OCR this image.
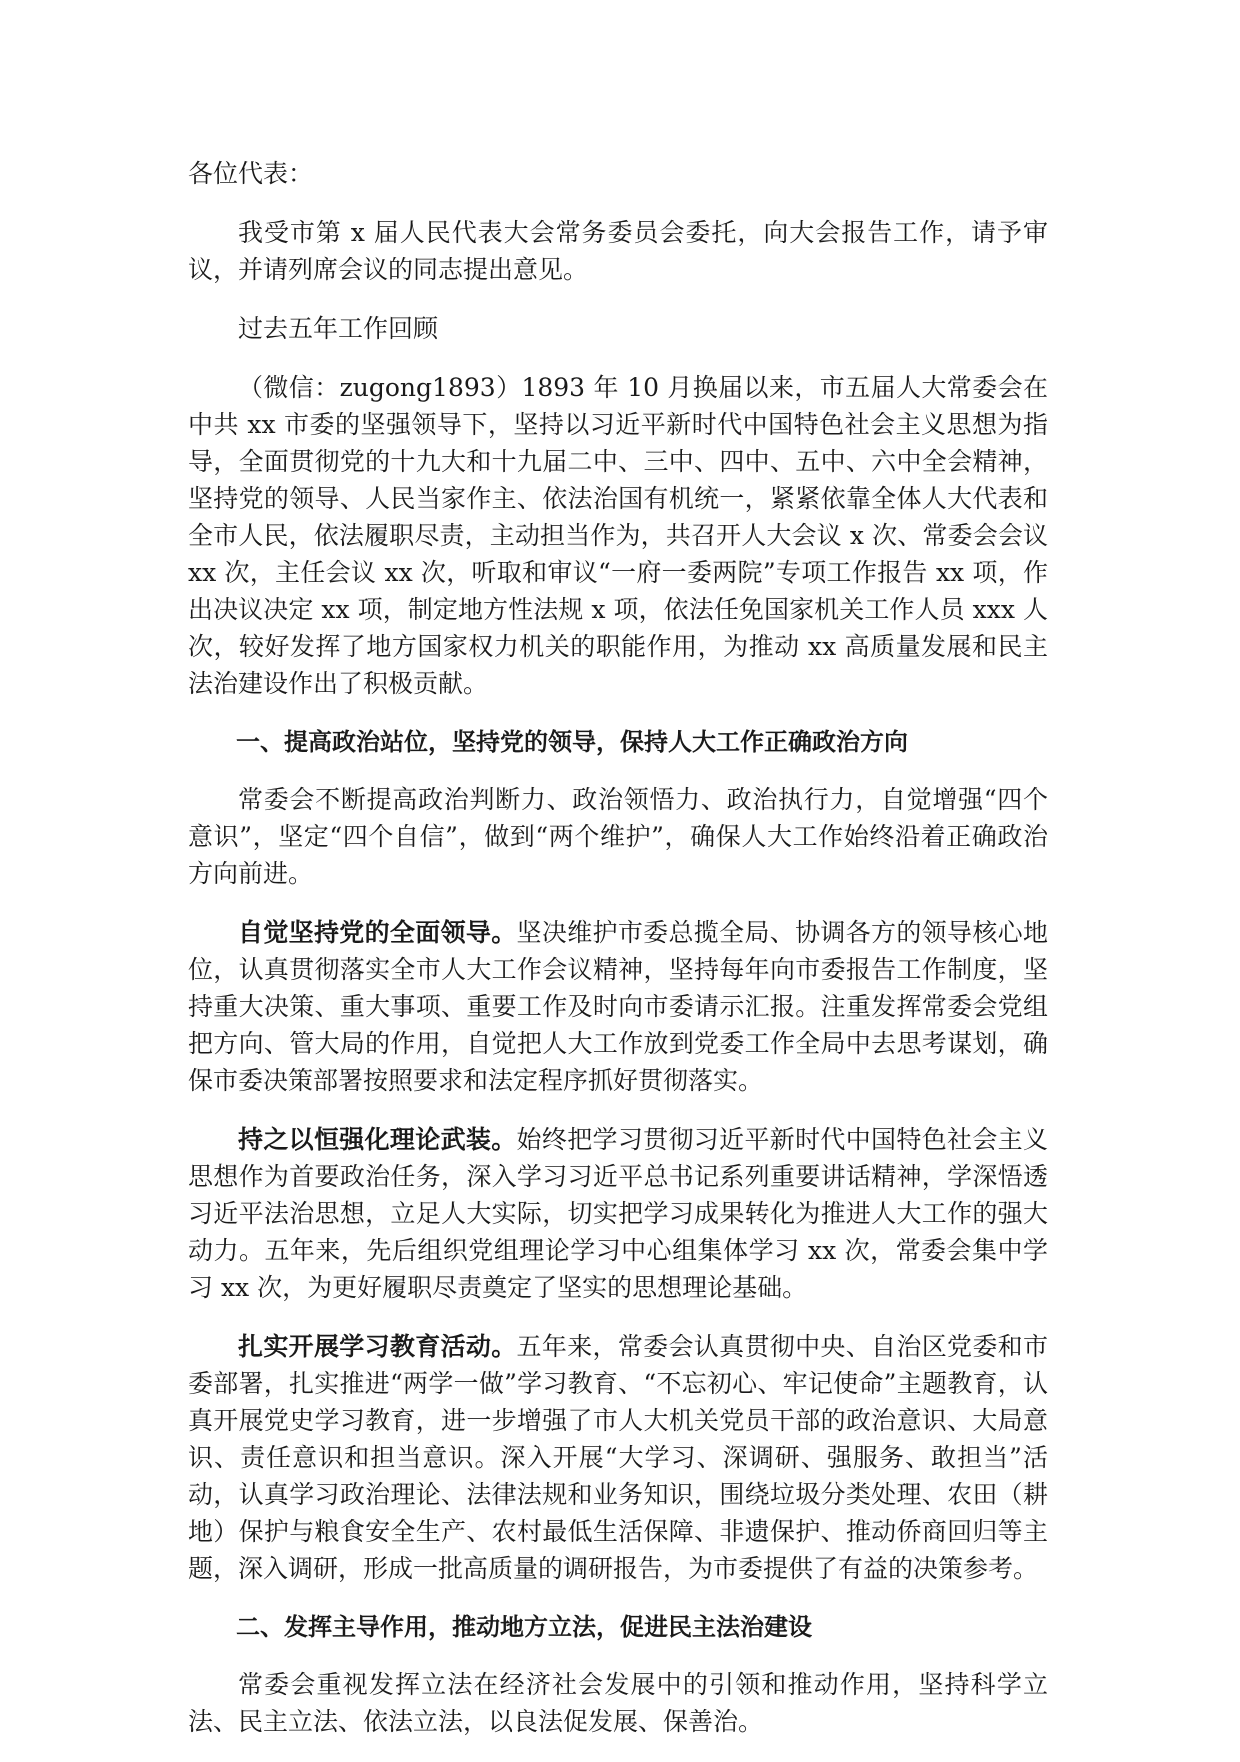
各位代表：

我受市第 x 届人民代表大会常务委员会委托，向大会报告工作，请予审议，并请列席会议的同志提出意见。

过去五年工作回顾

（微信：zugong1893）1893 年 10 月换届以来，市五届人大常委会在中共 xx 市委的坚强领导下，坚持以习近平新时代中国特色社会主义思想为指导，全面贯彻党的十九大和十九届二中、三中、四中、五中、六中全会精神，坚持党的领导、人民当家作主、依法治国有机统一，紧紧依靠全体人大代表和全市人民，依法履职尽责，主动担当作为，共召开人大会议 x 次、常委会会议 xx 次，主任会议 xx 次，听取和审议“一府一委两院”专项工作报告 xx 项，作出决议决定 xx 项，制定地方性法规 x 项，依法任免国家机关工作人员 xxx 人次，较好发挥了地方国家权力机关的职能作用，为推动 xx 高质量发展和民主法治建设作出了积极贡献。

一、提高政治站位，坚持党的领导，保持人大工作正确政治方向

常委会不断提高政治判断力、政治领悟力、政治执行力，自觉增强“四个意识”，坚定“四个自信”，做到“两个维护”，确保人大工作始终沿着正确政治方向前进。

自觉坚持党的全面领导。坚决维护市委总揽全局、协调各方的领导核心地位，认真贯彻落实全市人大工作会议精神，坚持每年向市委报告工作制度，坚持重大决策、重大事项、重要工作及时向市委请示汇报。注重发挥常委会党组把方向、管大局的作用，自觉把人大工作放到党委工作全局中去思考谋划，确保市委决策部署按照要求和法定程序抓好贯彻落实。

持之以恒强化理论武装。始终把学习贯彻习近平新时代中国特色社会主义思想作为首要政治任务，深入学习习近平总书记系列重要讲话精神，学深悟透习近平法治思想，立足人大实际，切实把学习成果转化为推进人大工作的强大动力。五年来，先后组织党组理论学习中心组集体学习 xx 次，常委会集中学习 xx 次，为更好履职尽责奠定了坚实的思想理论基础。

扎实开展学习教育活动。五年来，常委会认真贯彻中央、自治区党委和市委部署，扎实推进“两学一做”学习教育、“不忘初心、牢记使命”主题教育，认真开展党史学习教育，进一步增强了市人大机关党员干部的政治意识、大局意识、责任意识和担当意识。深入开展“大学习、深调研、强服务、敢担当”活动，认真学习政治理论、法律法规和业务知识，围绕垃圾分类处理、农田（耕地）保护与粮食安全生产、农村最低生活保障、非遗保护、推动侨商回归等主题，深入调研，形成一批高质量的调研报告，为市委提供了有益的决策参考。

二、发挥主导作用，推动地方立法，促进民主法治建设

常委会重视发挥立法在经济社会发展中的引领和推动作用，坚持科学立法、民主立法、依法立法，以良法促发展、保善治。
